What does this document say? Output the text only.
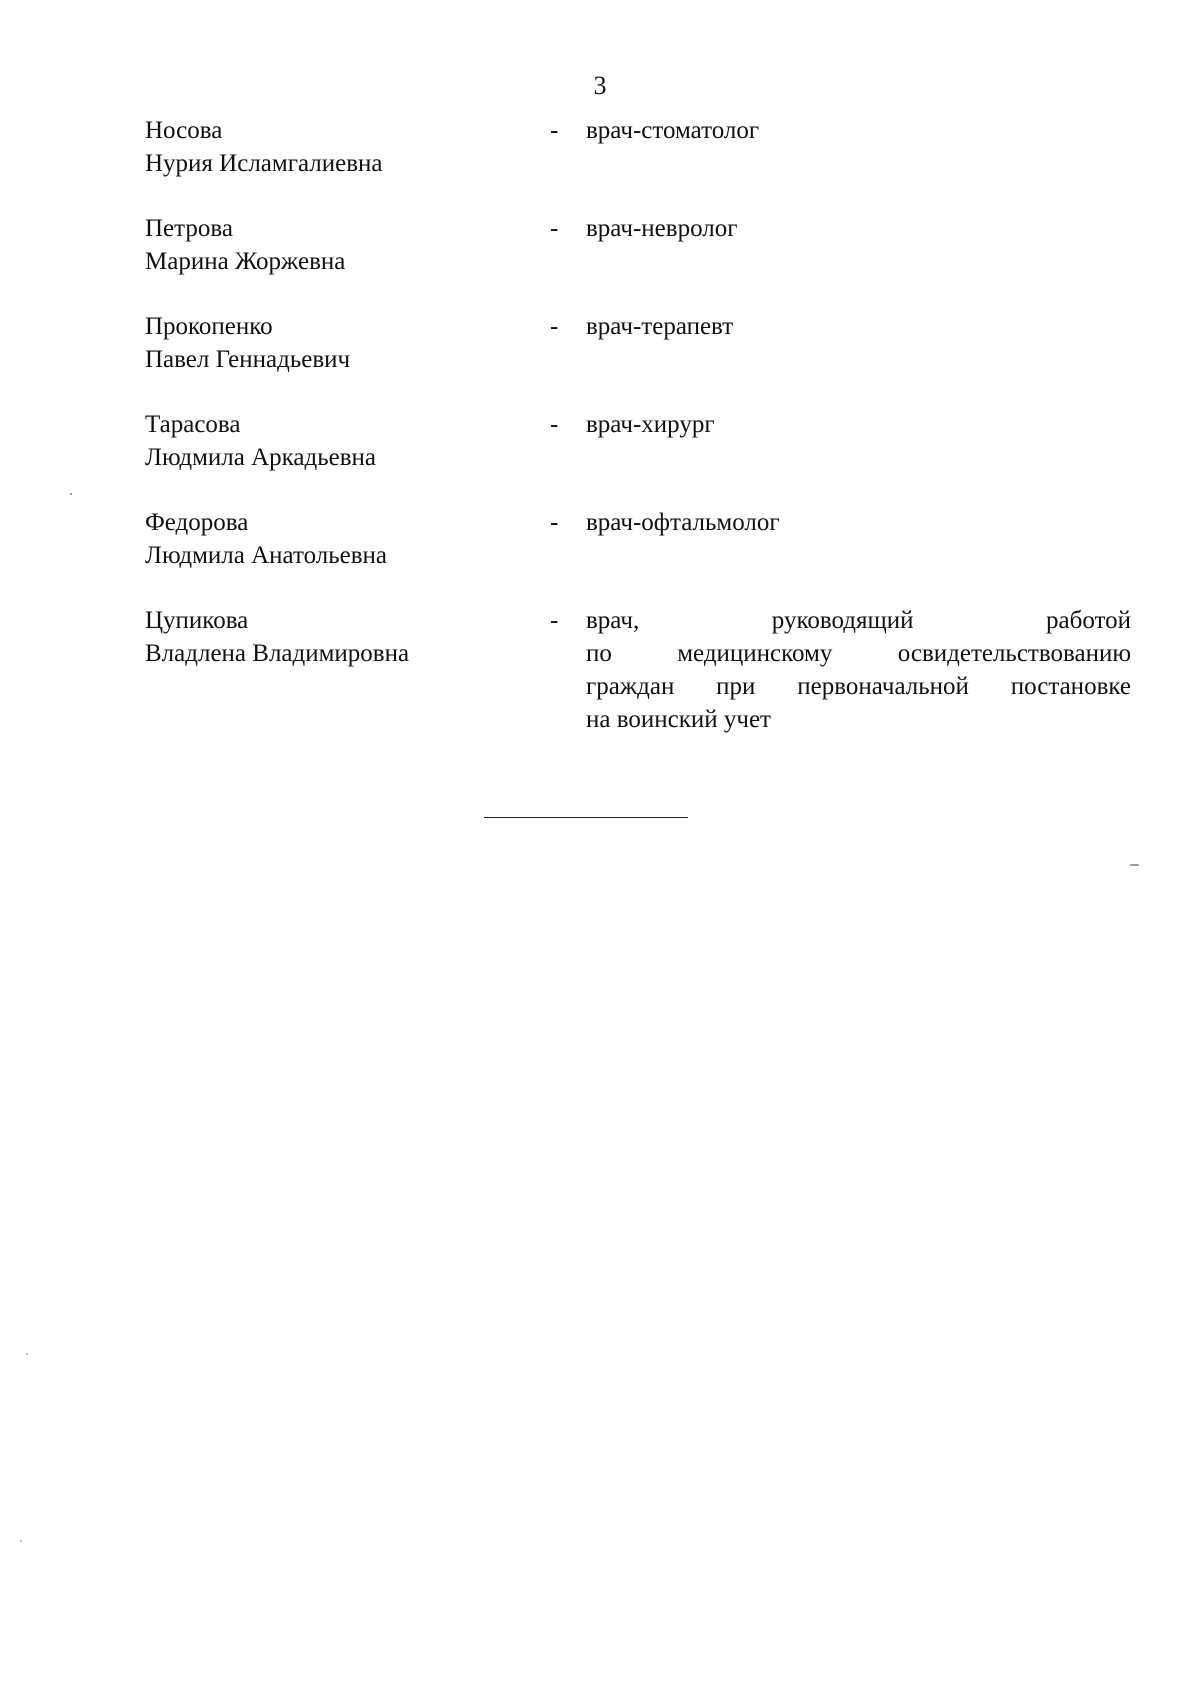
3
Носова
Нурия Исламгалиевна
-	врач-стоматолог
Петрова
Марина Жоржевна
-	врач-невролог
Прокопенко
Павел Геннадьевич
-	врач-терапевт
Тарасова
Людмила Аркадьевна
-	врач-хирург
Федорова
Людмила Анатольевна
-	врач-офтальмолог
Цупикова
Владлена Владимировна
-	врач, руководящий работой
по медицинскому освидетельствованию
граждан при первоначальной постановке
на воинский учет
